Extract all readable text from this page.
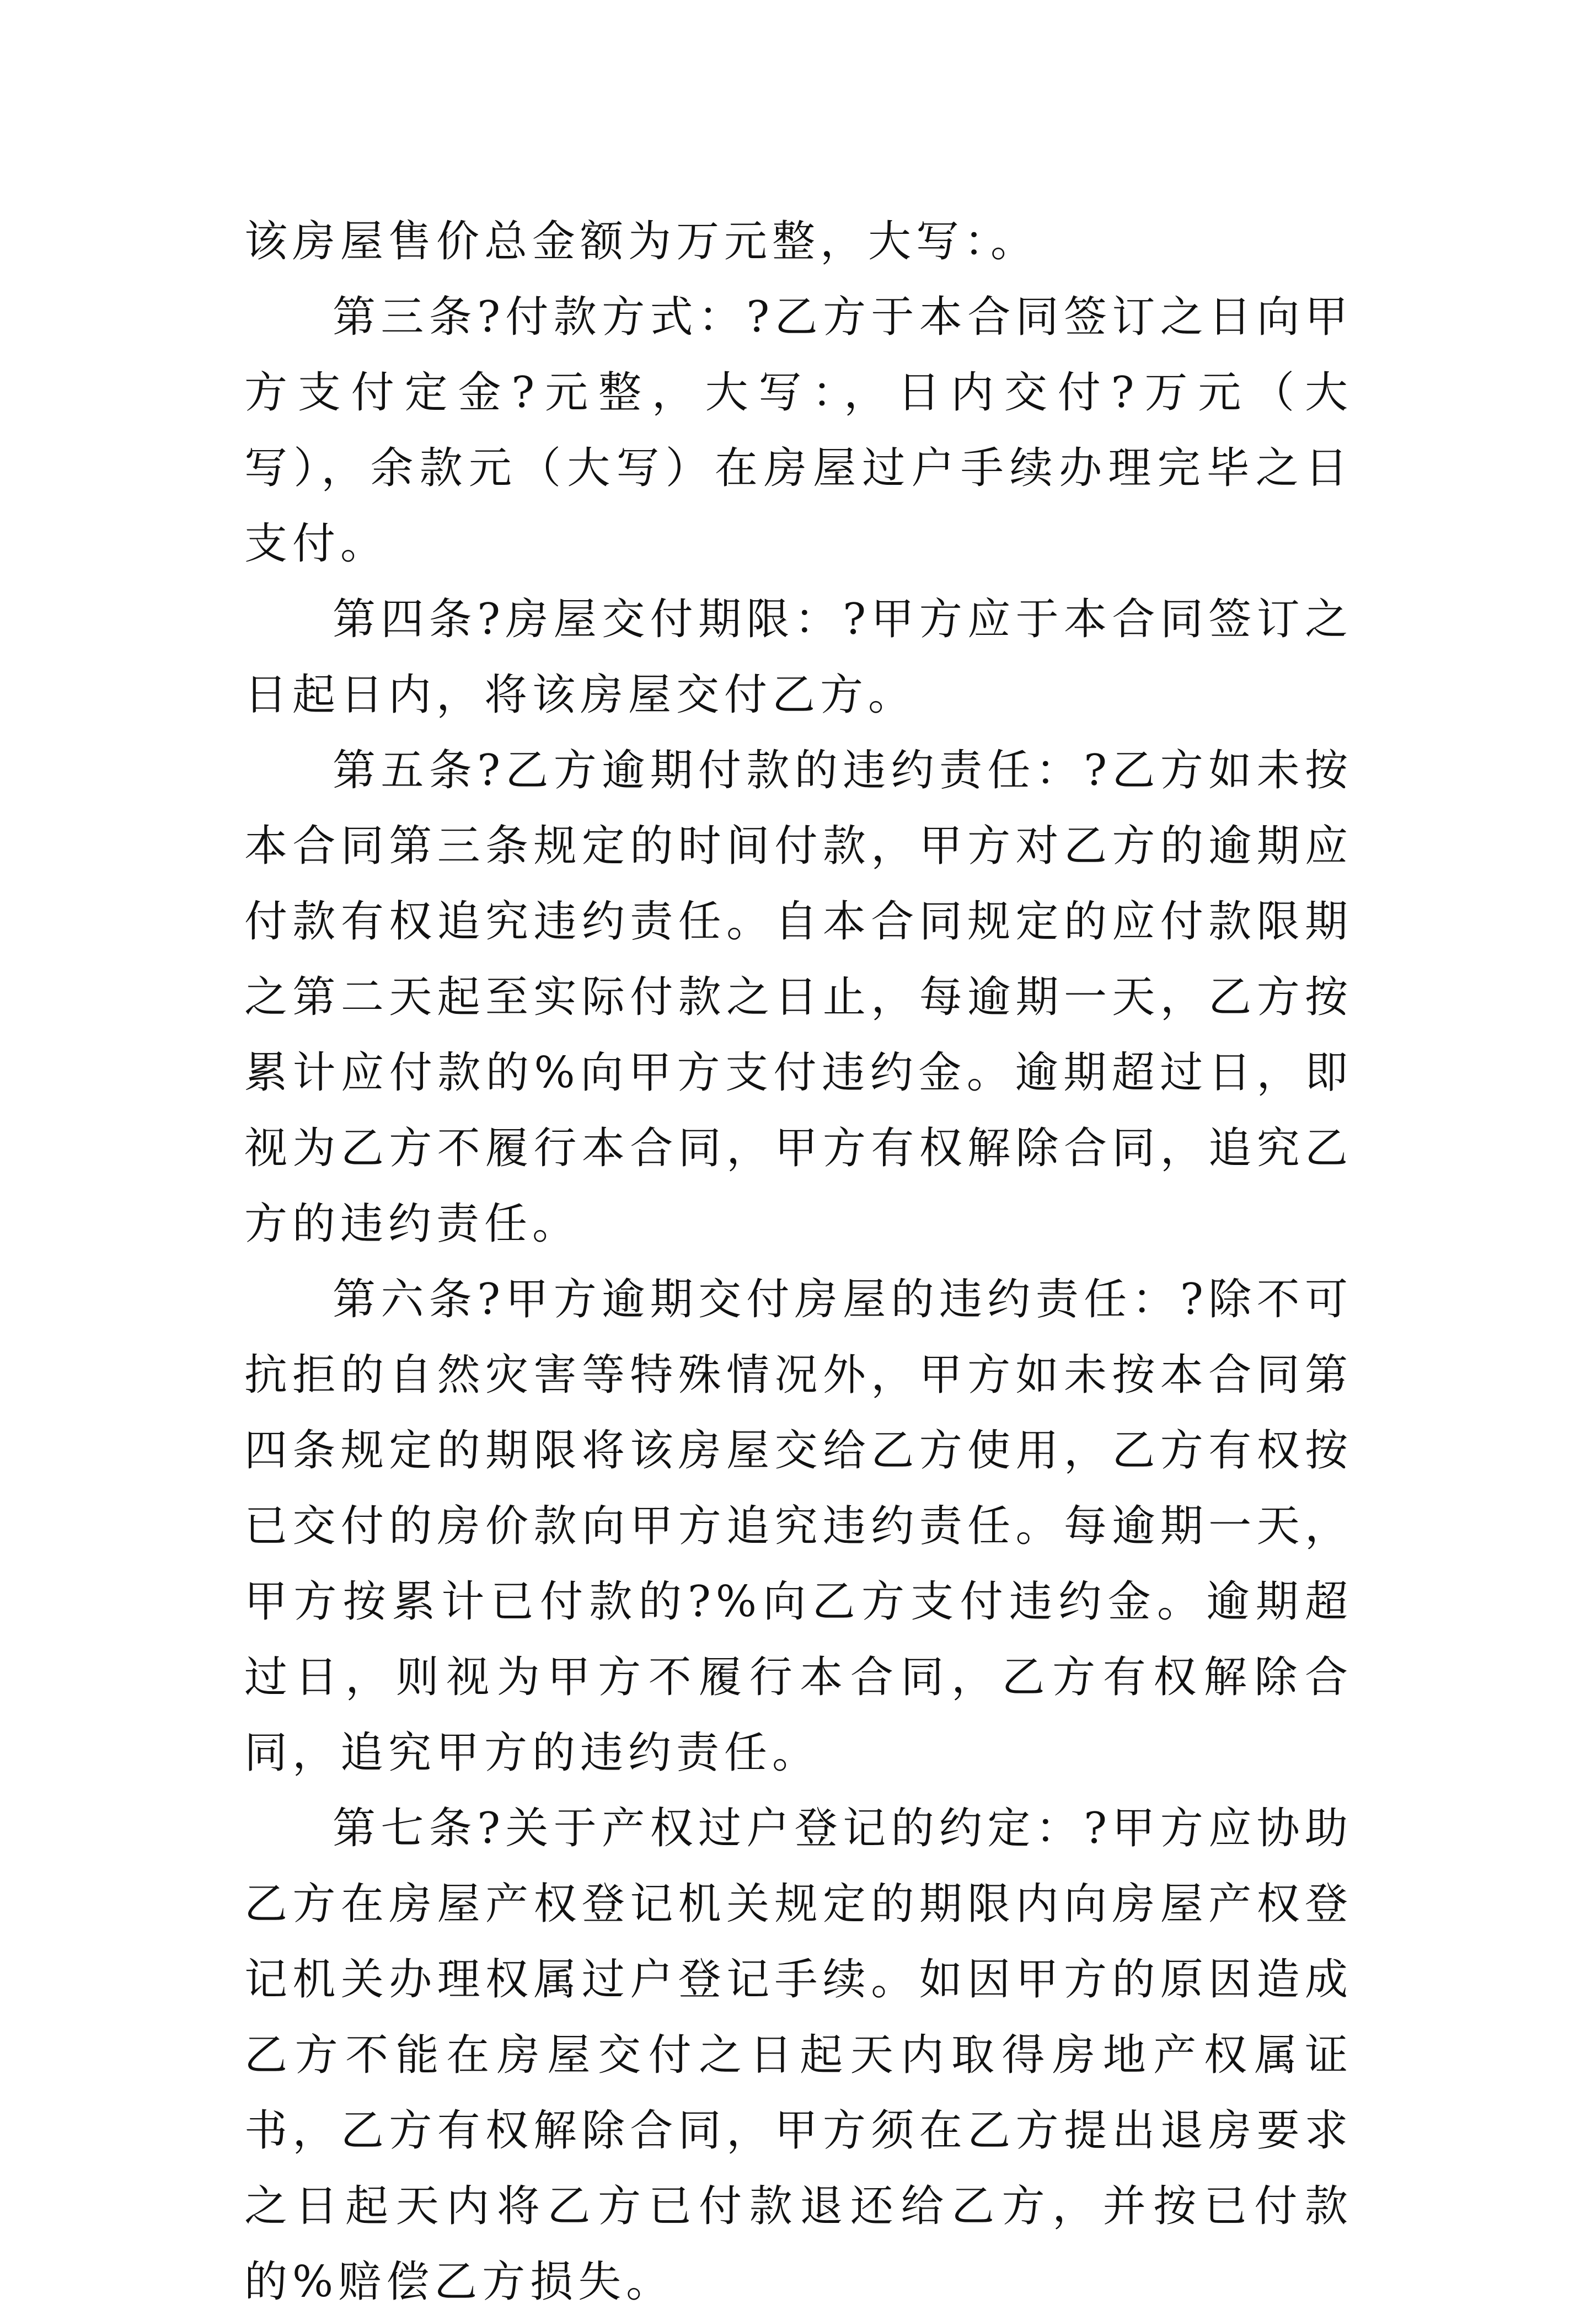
该房屋售价总金额为万元整，大写：。

第三条?付款方式：?乙方于本合同签订之日向甲方支付定金?元整，大写：，日内交付?万元（大写），余款元（大写）在房屋过户手续办理完毕之日支付。

第四条?房屋交付期限：?甲方应于本合同签订之日起日内，将该房屋交付乙方。

第五条?乙方逾期付款的违约责任：?乙方如未按本合同第三条规定的时间付款，甲方对乙方的逾期应付款有权追究违约责任。自本合同规定的应付款限期之第二天起至实际付款之日止，每逾期一天，乙方按累计应付款的%向甲方支付违约金。逾期超过日，即视为乙方不履行本合同，甲方有权解除合同，追究乙方的违约责任。

第六条?甲方逾期交付房屋的违约责任：?除不可抗拒的自然灾害等特殊情况外，甲方如未按本合同第四条规定的期限将该房屋交给乙方使用，乙方有权按已交付的房价款向甲方追究违约责任。每逾期一天，甲方按累计已付款的?%向乙方支付违约金。逾期超过日，则视为甲方不履行本合同，乙方有权解除合同，追究甲方的违约责任。

第七条?关于产权过户登记的约定：?甲方应协助乙方在房屋产权登记机关规定的期限内向房屋产权登记机关办理权属过户登记手续。如因甲方的原因造成乙方不能在房屋交付之日起天内取得房地产权属证书，乙方有权解除合同，甲方须在乙方提出退房要求之日起天内将乙方已付款退还给乙方，并按已付款的%赔偿乙方损失。
